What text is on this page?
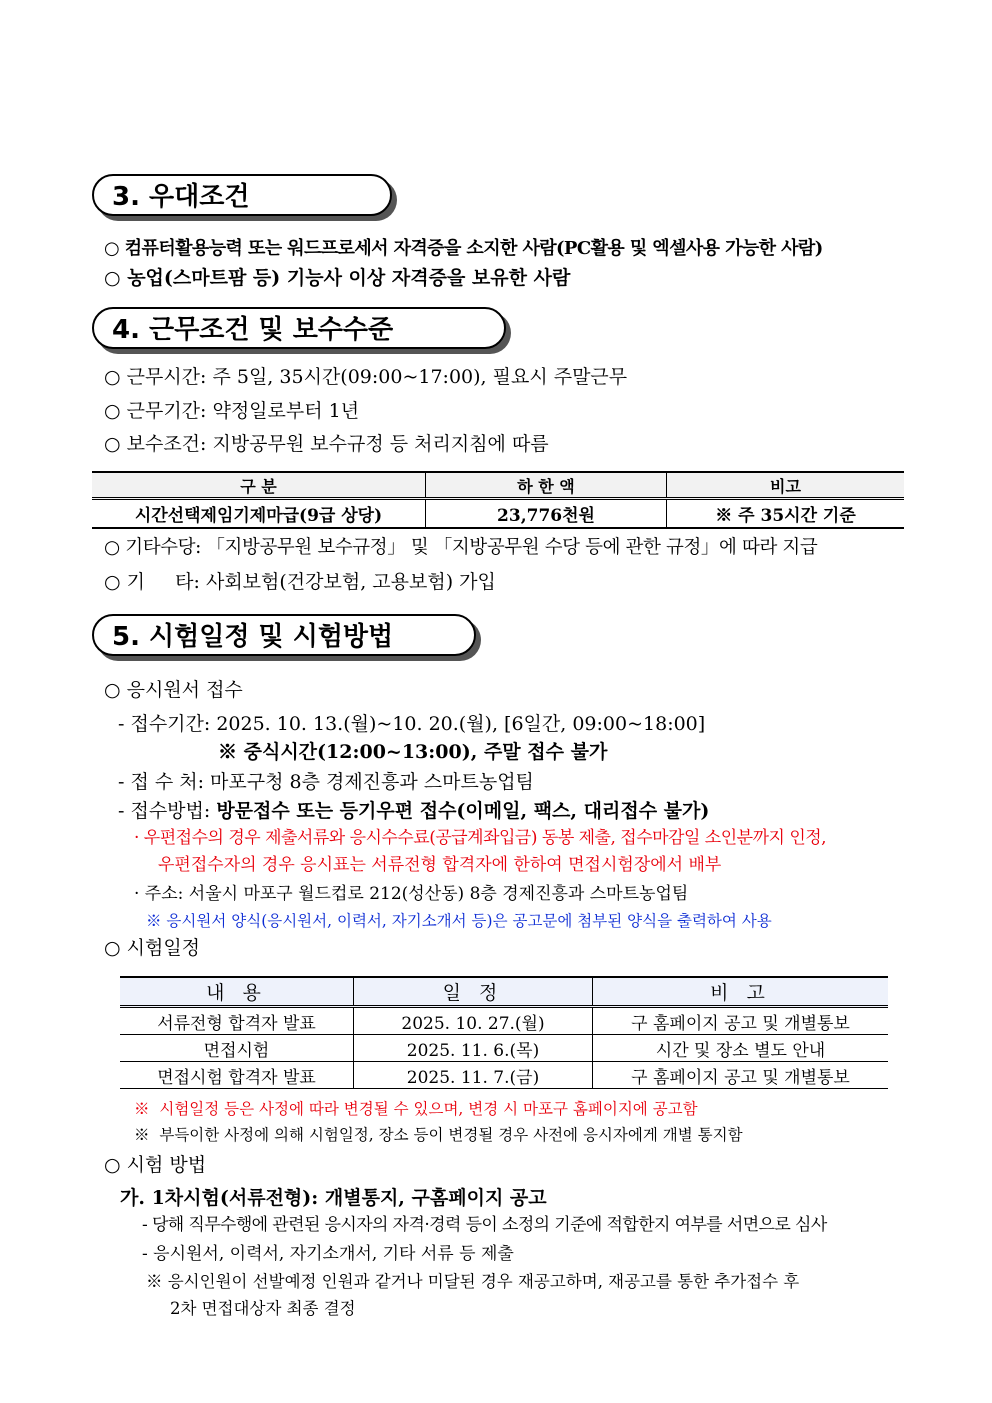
3. 우대조건
○ 컴퓨터활용능력 또는 워드프로세서 자격증을 소지한 사람(PC활용 및 엑셀사용 가능한 사람)
○ 농업(스마트팜 등) 기능사 이상 자격증을 보유한 사람
4. 근무조건 및 보수수준
○ 근무시간: 주 5일, 35시간(09:00~17:00), 필요시 주말근무
○ 근무기간: 약정일로부터 1년
○ 보수조건: 지방공무원 보수규정 등 처리지침에 따름
구 분	하 한 액	비고
시간선택제임기제마급(9급 상당)	23,776천원	※ 주 35시간 기준
○ 기타수당: 「지방공무원 보수규정」 및 「지방공무원 수당 등에 관한 규정」에 따라 지급
○ 기     타: 사회보험(건강보험, 고용보험) 가입
5. 시험일정 및 시험방법
○ 응시원서 접수
- 접수기간: 2025. 10. 13.(월)~10. 20.(월), [6일간, 09:00~18:00]
※ 중식시간(12:00~13:00), 주말 접수 불가
- 접 수 처: 마포구청 8층 경제진흥과 스마트농업팀
- 접수방법: 방문접수 또는 등기우편 접수(이메일, 팩스, 대리접수 불가)
· 우편접수의 경우 제출서류와 응시수수료(공급계좌입금) 동봉 제출, 접수마감일 소인분까지 인정,
우편접수자의 경우 응시표는 서류전형 합격자에 한하여 면접시험장에서 배부
· 주소: 서울시 마포구 월드컵로 212(성산동) 8층 경제진흥과 스마트농업팀
※ 응시원서 양식(응시원서, 이력서, 자기소개서 등)은 공고문에 첨부된 양식을 출력하여 사용
○ 시험일정
내 용	일 정	비 고
서류전형 합격자 발표	2025. 10. 27.(월)	구 홈페이지 공고 및 개별통보
면접시험	2025. 11. 6.(목)	시간 및 장소 별도 안내
면접시험 합격자 발표	2025. 11. 7.(금)	구 홈페이지 공고 및 개별통보
※  시험일정 등은 사정에 따라 변경될 수 있으며, 변경 시 마포구 홈페이지에 공고함
※  부득이한 사정에 의해 시험일정, 장소 등이 변경될 경우 사전에 응시자에게 개별 통지함
○ 시험 방법
가. 1차시험(서류전형): 개별통지, 구홈페이지 공고
- 당해 직무수행에 관련된 응시자의 자격·경력 등이 소정의 기준에 적합한지 여부를 서면으로 심사
- 응시원서, 이력서, 자기소개서, 기타 서류 등 제출
※ 응시인원이 선발예정 인원과 같거나 미달된 경우 재공고하며, 재공고를 통한 추가접수 후
2차 면접대상자 최종 결정
